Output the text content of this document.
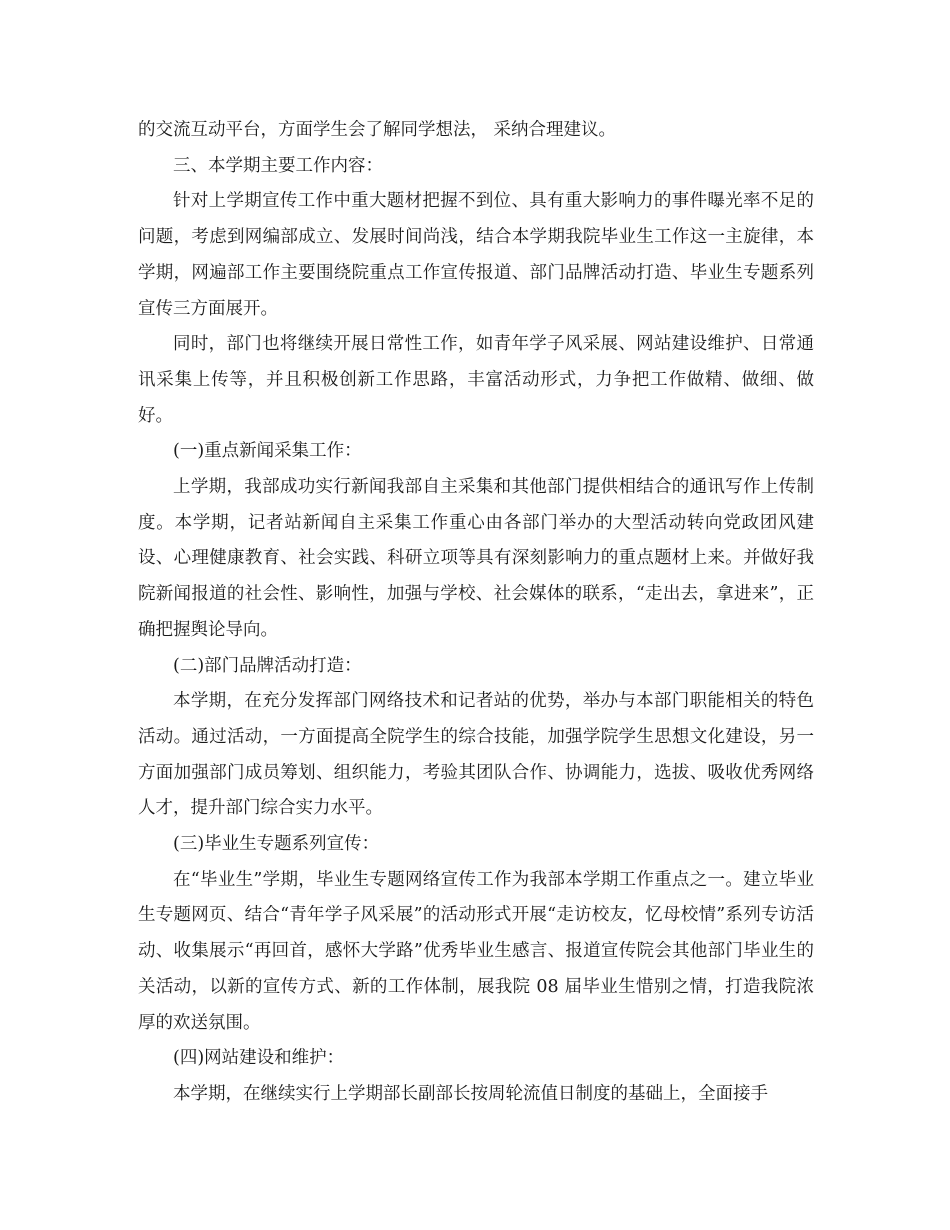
的交流互动平台，方面学生会了解同学想法， 采纳合理建议。

三、本学期主要工作内容：

针对上学期宣传工作中重大题材把握不到位、具有重大影响力的事件曝光率不足的问题，考虑到网编部成立、发展时间尚浅，结合本学期我院毕业生工作这一主旋律，本学期，网遍部工作主要围绕院重点工作宣传报道、部门品牌活动打造、毕业生专题系列宣传三方面展开。

同时，部门也将继续开展日常性工作，如青年学子风采展、网站建设维护、日常通讯采集上传等，并且积极创新工作思路，丰富活动形式，力争把工作做精、做细、做好。

(一)重点新闻采集工作：

上学期，我部成功实行新闻我部自主采集和其他部门提供相结合的通讯写作上传制度。本学期，记者站新闻自主采集工作重心由各部门举办的大型活动转向党政团风建设、心理健康教育、社会实践、科研立项等具有深刻影响力的重点题材上来。并做好我院新闻报道的社会性、影响性，加强与学校、社会媒体的联系，“走出去，拿进来”，正确把握舆论导向。

(二)部门品牌活动打造：

本学期，在充分发挥部门网络技术和记者站的优势，举办与本部门职能相关的特色活动。通过活动，一方面提高全院学生的综合技能，加强学院学生思想文化建设，另一方面加强部门成员筹划、组织能力，考验其团队合作、协调能力，选拔、吸收优秀网络人才，提升部门综合实力水平。

(三)毕业生专题系列宣传：

在“毕业生”学期，毕业生专题网络宣传工作为我部本学期工作重点之一。建立毕业生专题网页、结合“青年学子风采展”的活动形式开展“走访校友，忆母校情”系列专访活动、收集展示“再回首，感怀大学路”优秀毕业生感言、报道宣传院会其他部门毕业生的关活动，以新的宣传方式、新的工作体制，展我院 08 届毕业生惜别之情，打造我院浓厚的欢送氛围。

(四)网站建设和维护：

本学期，在继续实行上学期部长副部长按周轮流值日制度的基础上，全面接手
